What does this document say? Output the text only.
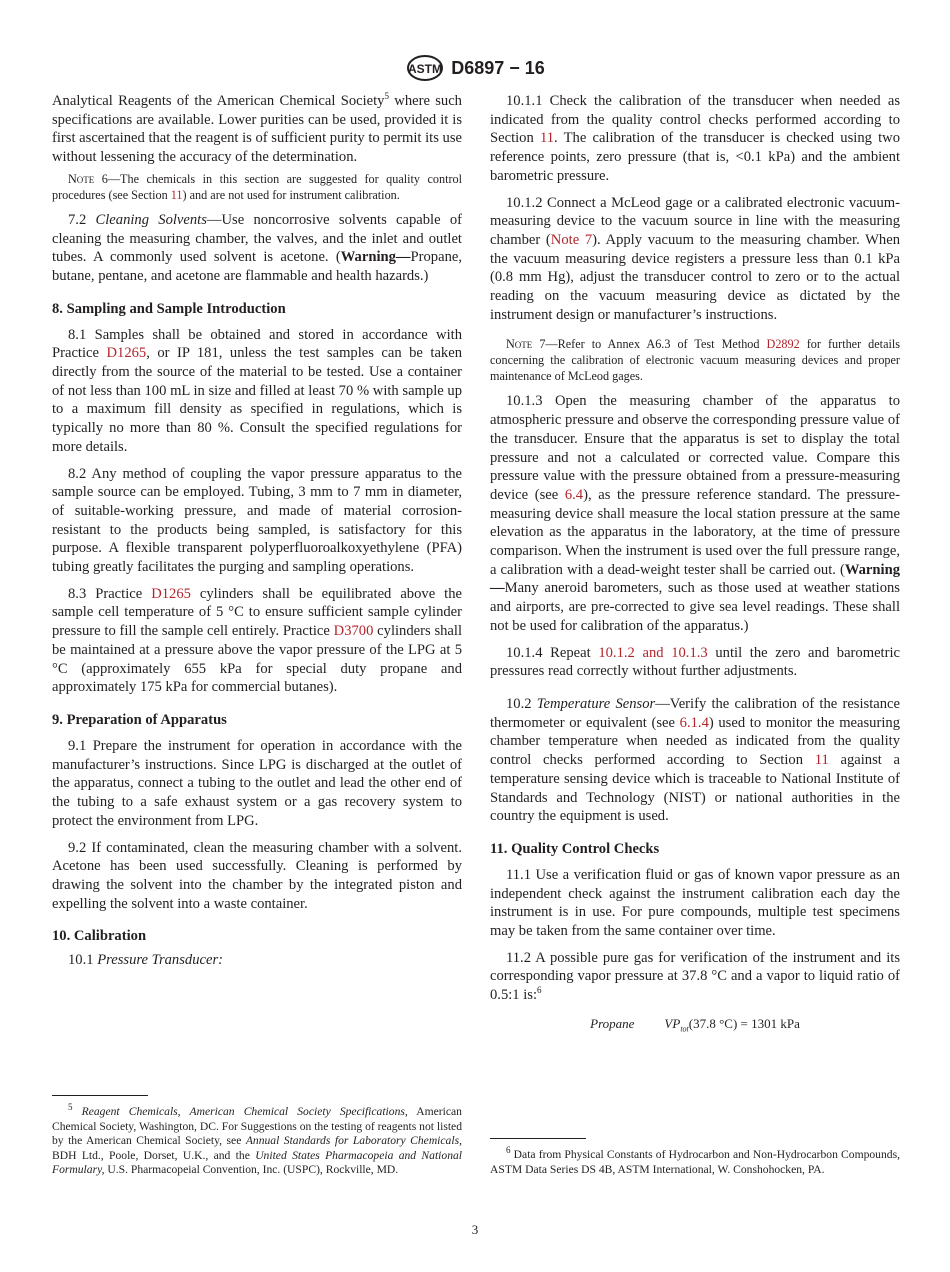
ASTM D6897 − 16

Analytical Reagents of the American Chemical Society$^5$ where such specifications are available. Lower purities can be used, provided it is first ascertained that the reagent is of sufficient purity to permit its use without lessening the accuracy of the determination.

Note 6—The chemicals in this section are suggested for quality control procedures (see Section 11) and are not used for instrument calibration.

7.2 Cleaning Solvents—Use noncorrosive solvents capable of cleaning the measuring chamber, the valves, and the inlet and outlet tubes. A commonly used solvent is acetone. (Warning—Propane, butane, pentane, and acetone are flammable and health hazards.)

8. Sampling and Sample Introduction

8.1 Samples shall be obtained and stored in accordance with Practice D1265, or IP 181, unless the test samples can be taken directly from the source of the material to be tested. Use a container of not less than 100 mL in size and filled at least 70 % with sample up to a maximum fill density as specified in regulations, which is typically no more than 80 %. Consult the specified regulations for more details.

8.2 Any method of coupling the vapor pressure apparatus to the sample source can be employed. Tubing, 3 mm to 7 mm in diameter, of suitable-working pressure, and made of material corrosion-resistant to the products being sampled, is satisfactory for this purpose. A flexible transparent polyperfluoroalkoxyethylene (PFA) tubing greatly facilitates the purging and sampling operations.

8.3 Practice D1265 cylinders shall be equilibrated above the sample cell temperature of 5 °C to ensure sufficient sample cylinder pressure to fill the sample cell entirely. Practice D3700 cylinders shall be maintained at a pressure above the vapor pressure of the LPG at 5 °C (approximately 655 kPa for special duty propane and approximately 175 kPa for commercial butanes).

9. Preparation of Apparatus

9.1 Prepare the instrument for operation in accordance with the manufacturer’s instructions. Since LPG is discharged at the outlet of the apparatus, connect a tubing to the outlet and lead the other end of the tubing to a safe exhaust system or a gas recovery system to protect the environment from LPG.

9.2 If contaminated, clean the measuring chamber with a solvent. Acetone has been used successfully. Cleaning is performed by drawing the solvent into the chamber by the integrated piston and expelling the solvent into a waste container.

10. Calibration

10.1 Pressure Transducer:

$^5$ Reagent Chemicals, American Chemical Society Specifications, American Chemical Society, Washington, DC. For Suggestions on the testing of reagents not listed by the American Chemical Society, see Annual Standards for Laboratory Chemicals, BDH Ltd., Poole, Dorset, U.K., and the United States Pharmacopeia and National Formulary, U.S. Pharmacopeial Convention, Inc. (USPC), Rockville, MD.

10.1.1 Check the calibration of the transducer when needed as indicated from the quality control checks performed according to Section 11. The calibration of the transducer is checked using two reference points, zero pressure (that is, <0.1 kPa) and the ambient barometric pressure.

10.1.2 Connect a McLeod gage or a calibrated electronic vacuum-measuring device to the vacuum source in line with the measuring chamber (Note 7). Apply vacuum to the measuring chamber. When the vacuum measuring device registers a pressure less than 0.1 kPa (0.8 mm Hg), adjust the transducer control to zero or to the actual reading on the vacuum measuring device as dictated by the instrument design or manufacturer’s instructions.

Note 7—Refer to Annex A6.3 of Test Method D2892 for further details concerning the calibration of electronic vacuum measuring devices and proper maintenance of McLeod gages.

10.1.3 Open the measuring chamber of the apparatus to atmospheric pressure and observe the corresponding pressure value of the transducer. Ensure that the apparatus is set to display the total pressure and not a calculated or corrected value. Compare this pressure value with the pressure obtained from a pressure-measuring device (see 6.4), as the pressure reference standard. The pressure-measuring device shall measure the local station pressure at the same elevation as the apparatus in the laboratory, at the time of pressure comparison. When the instrument is used over the full pressure range, a calibration with a dead-weight tester shall be carried out. (Warning—Many aneroid barometers, such as those used at weather stations and airports, are pre-corrected to give sea level readings. These shall not be used for calibration of the apparatus.)

10.1.4 Repeat 10.1.2 and 10.1.3 until the zero and barometric pressures read correctly without further adjustments.

10.2 Temperature Sensor—Verify the calibration of the resistance thermometer or equivalent (see 6.1.4) used to monitor the measuring chamber temperature when needed as indicated from the quality control checks performed according to Section 11 against a temperature sensing device which is traceable to National Institute of Standards and Technology (NIST) or national authorities in the country the equipment is used.

11. Quality Control Checks

11.1 Use a verification fluid or gas of known vapor pressure as an independent check against the instrument calibration each day the instrument is in use. For pure compounds, multiple test specimens may be taken from the same container over time.

11.2 A possible pure gas for verification of the instrument and its corresponding vapor pressure at 37.8 °C and a vapor to liquid ratio of 0.5:1 is:$^6$

Propane $VP_{tot}(37.8$ °C) = 1301 kPa
$^6$ Data from Physical Constants of Hydrocarbon and Non-Hydrocarbon Compounds, ASTM Data Series DS 4B, ASTM International, W. Conshohocken, PA.
3
